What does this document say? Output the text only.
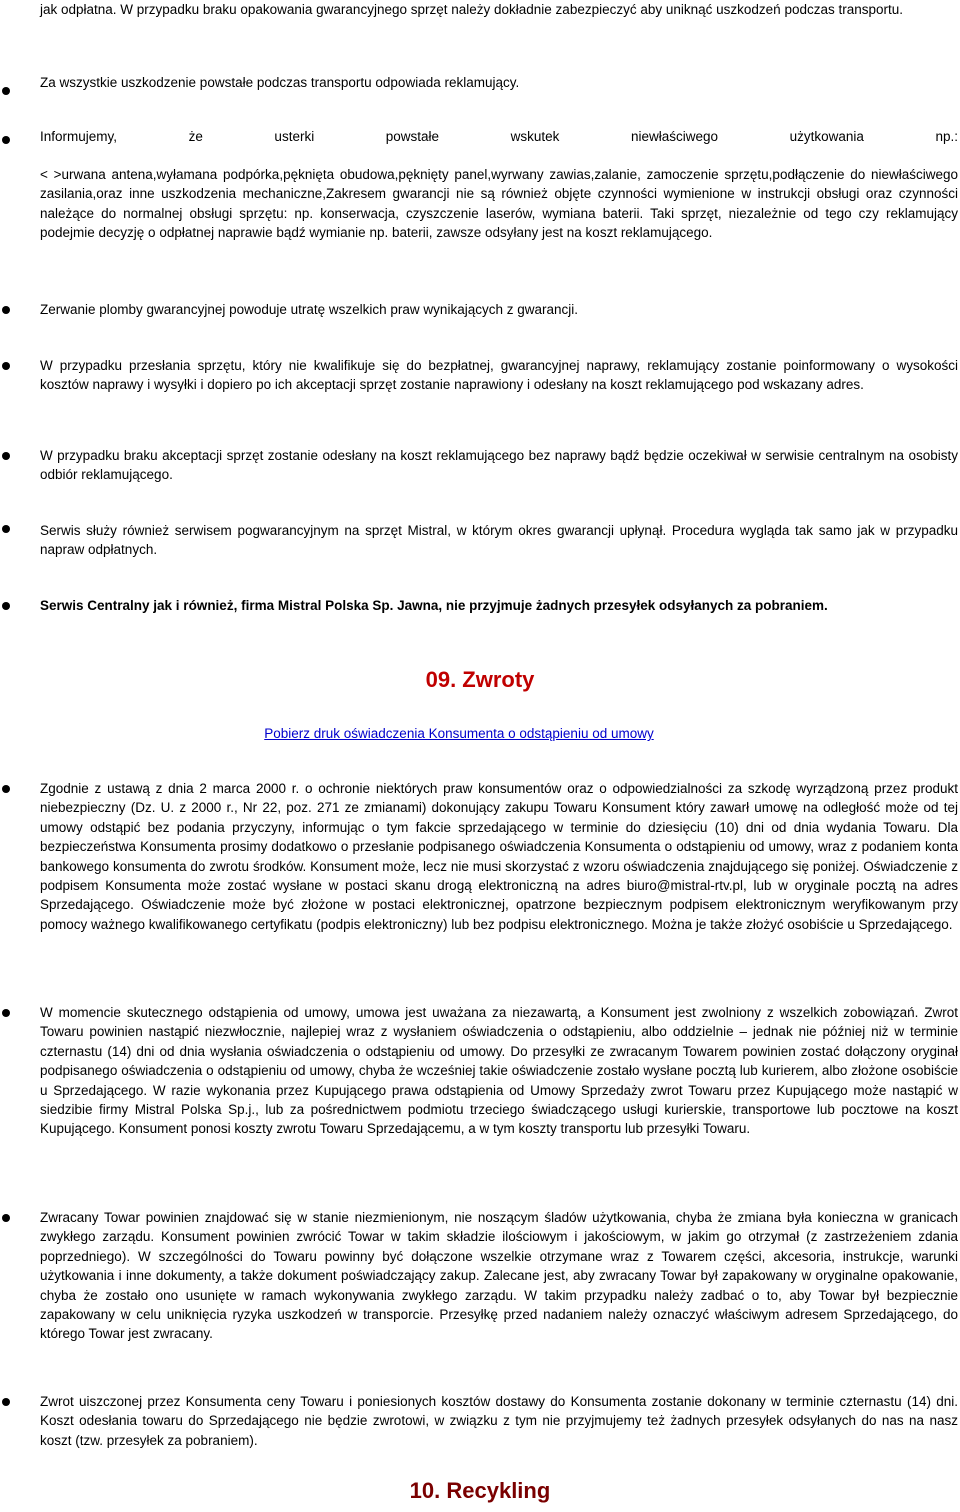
jak odpłatna. W przypadku braku opakowania gwarancyjnego sprzęt należy dokładnie zabezpieczyć aby uniknąć uszkodzeń podczas transportu.

Za wszystkie uszkodzenie powstałe podczas transportu odpowiada reklamujący.

Informujemy, że usterki powstałe wskutek niewłaściwego użytkowania np.:

< >urwana antena,wyłamana podpórka,pęknięta obudowa,pęknięty panel,wyrwany zawias,zalanie, zamoczenie sprzętu,podłączenie do niewłaściwego zasilania,oraz inne uszkodzenia mechaniczne,Zakresem gwarancji nie są również objęte czynności wymienione w instrukcji obsługi oraz czynności należące do normalnej obsługi sprzętu: np. konserwacja, czyszczenie laserów, wymiana baterii. Taki sprzęt, niezależnie od tego czy reklamujący podejmie decyzję o odpłatnej naprawie bądź wymianie np. baterii, zawsze odsyłany jest na koszt reklamującego.

Zerwanie plomby gwarancyjnej powoduje utratę wszelkich praw wynikających z gwarancji.

W przypadku przesłania sprzętu, który nie kwalifikuje się do bezpłatnej, gwarancyjnej naprawy, reklamujący zostanie poinformowany o wysokości kosztów naprawy i wysyłki i dopiero po ich akceptacji sprzęt zostanie naprawiony i odesłany na koszt reklamującego pod wskazany adres.

W przypadku braku akceptacji sprzęt zostanie odesłany na koszt reklamującego bez naprawy bądź będzie oczekiwał w serwisie centralnym na osobisty odbiór reklamującego.

Serwis służy również serwisem pogwarancyjnym na sprzęt Mistral, w którym okres gwarancji upłynął. Procedura wygląda tak samo jak w przypadku napraw odpłatnych.

Serwis Centralny jak i również, firma Mistral Polska Sp. Jawna, nie przyjmuje żadnych przesyłek odsyłanych za pobraniem.

09. Zwroty
Pobierz druk oświadczenia Konsumenta o odstąpieniu od umowy

Zgodnie z ustawą z dnia 2 marca 2000 r. o ochronie niektórych praw konsumentów oraz o odpowiedzialności za szkodę wyrządzoną przez produkt niebezpieczny (Dz. U. z 2000 r., Nr 22, poz. 271 ze zmianami) dokonujący zakupu Towaru Konsument który zawarł umowę na odległość może od tej umowy odstąpić bez podania przyczyny, informując o tym fakcie sprzedającego w terminie do dziesięciu (10) dni od dnia wydania Towaru. Dla bezpieczeństwa Konsumenta prosimy dodatkowo o przesłanie podpisanego oświadczenia Konsumenta o odstąpieniu od umowy, wraz z podaniem konta bankowego konsumenta do zwrotu środków. Konsument może, lecz nie musi skorzystać z wzoru oświadczenia znajdującego się poniżej. Oświadczenie z podpisem Konsumenta może zostać wysłane w postaci skanu drogą elektroniczną na adres biuro@mistral-rtv.pl, lub w oryginale pocztą na adres Sprzedającego. Oświadczenie może być złożone w postaci elektronicznej, opatrzone bezpiecznym podpisem elektronicznym weryfikowanym przy pomocy ważnego kwalifikowanego certyfikatu (podpis elektroniczny) lub bez podpisu elektronicznego. Można je także złożyć osobiście u Sprzedającego.

W momencie skutecznego odstąpienia od umowy, umowa jest uważana za niezawartą, a Konsument jest zwolniony z wszelkich zobowiązań. Zwrot Towaru powinien nastąpić niezwłocznie, najlepiej wraz z wysłaniem oświadczenia o odstąpieniu, albo oddzielnie – jednak nie później niż w terminie czternastu (14) dni od dnia wysłania oświadczenia o odstąpieniu od umowy. Do przesyłki ze zwracanym Towarem powinien zostać dołączony oryginał podpisanego oświadczenia o odstąpieniu od umowy, chyba że wcześniej takie oświadczenie zostało wysłane pocztą lub kurierem, albo złożone osobiście u Sprzedającego. W razie wykonania przez Kupującego prawa odstąpienia od Umowy Sprzedaży zwrot Towaru przez Kupującego może nastąpić w siedzibie firmy Mistral Polska Sp.j., lub za pośrednictwem podmiotu trzeciego świadczącego usługi kurierskie, transportowe lub pocztowe na koszt Kupującego. Konsument ponosi koszty zwrotu Towaru Sprzedającemu, a w tym koszty transportu lub przesyłki Towaru.

Zwracany Towar powinien znajdować się w stanie niezmienionym, nie noszącym śladów użytkowania, chyba że zmiana była konieczna w granicach zwykłego zarządu. Konsument powinien zwrócić Towar w takim składzie ilościowym i jakościowym, w jakim go otrzymał (z zastrzeżeniem zdania poprzedniego). W szczególności do Towaru powinny być dołączone wszelkie otrzymane wraz z Towarem części, akcesoria, instrukcje, warunki użytkowania i inne dokumenty, a także dokument poświadczający zakup. Zalecane jest, aby zwracany Towar był zapakowany w oryginalne opakowanie, chyba że zostało ono usunięte w ramach wykonywania zwykłego zarządu. W takim przypadku należy zadbać o to, aby Towar był bezpiecznie zapakowany w celu uniknięcia ryzyka uszkodzeń w transporcie. Przesyłkę przed nadaniem należy oznaczyć właściwym adresem Sprzedającego, do którego Towar jest zwracany.

Zwrot uiszczonej przez Konsumenta ceny Towaru i poniesionych kosztów dostawy do Konsumenta zostanie dokonany w terminie czternastu (14) dni. Koszt odesłania towaru do Sprzedającego nie będzie zwrotowi, w związku z tym nie przyjmujemy też żadnych przesyłek odsyłanych do nas na nasz koszt (tzw. przesyłek za pobraniem).

10. Recykling
